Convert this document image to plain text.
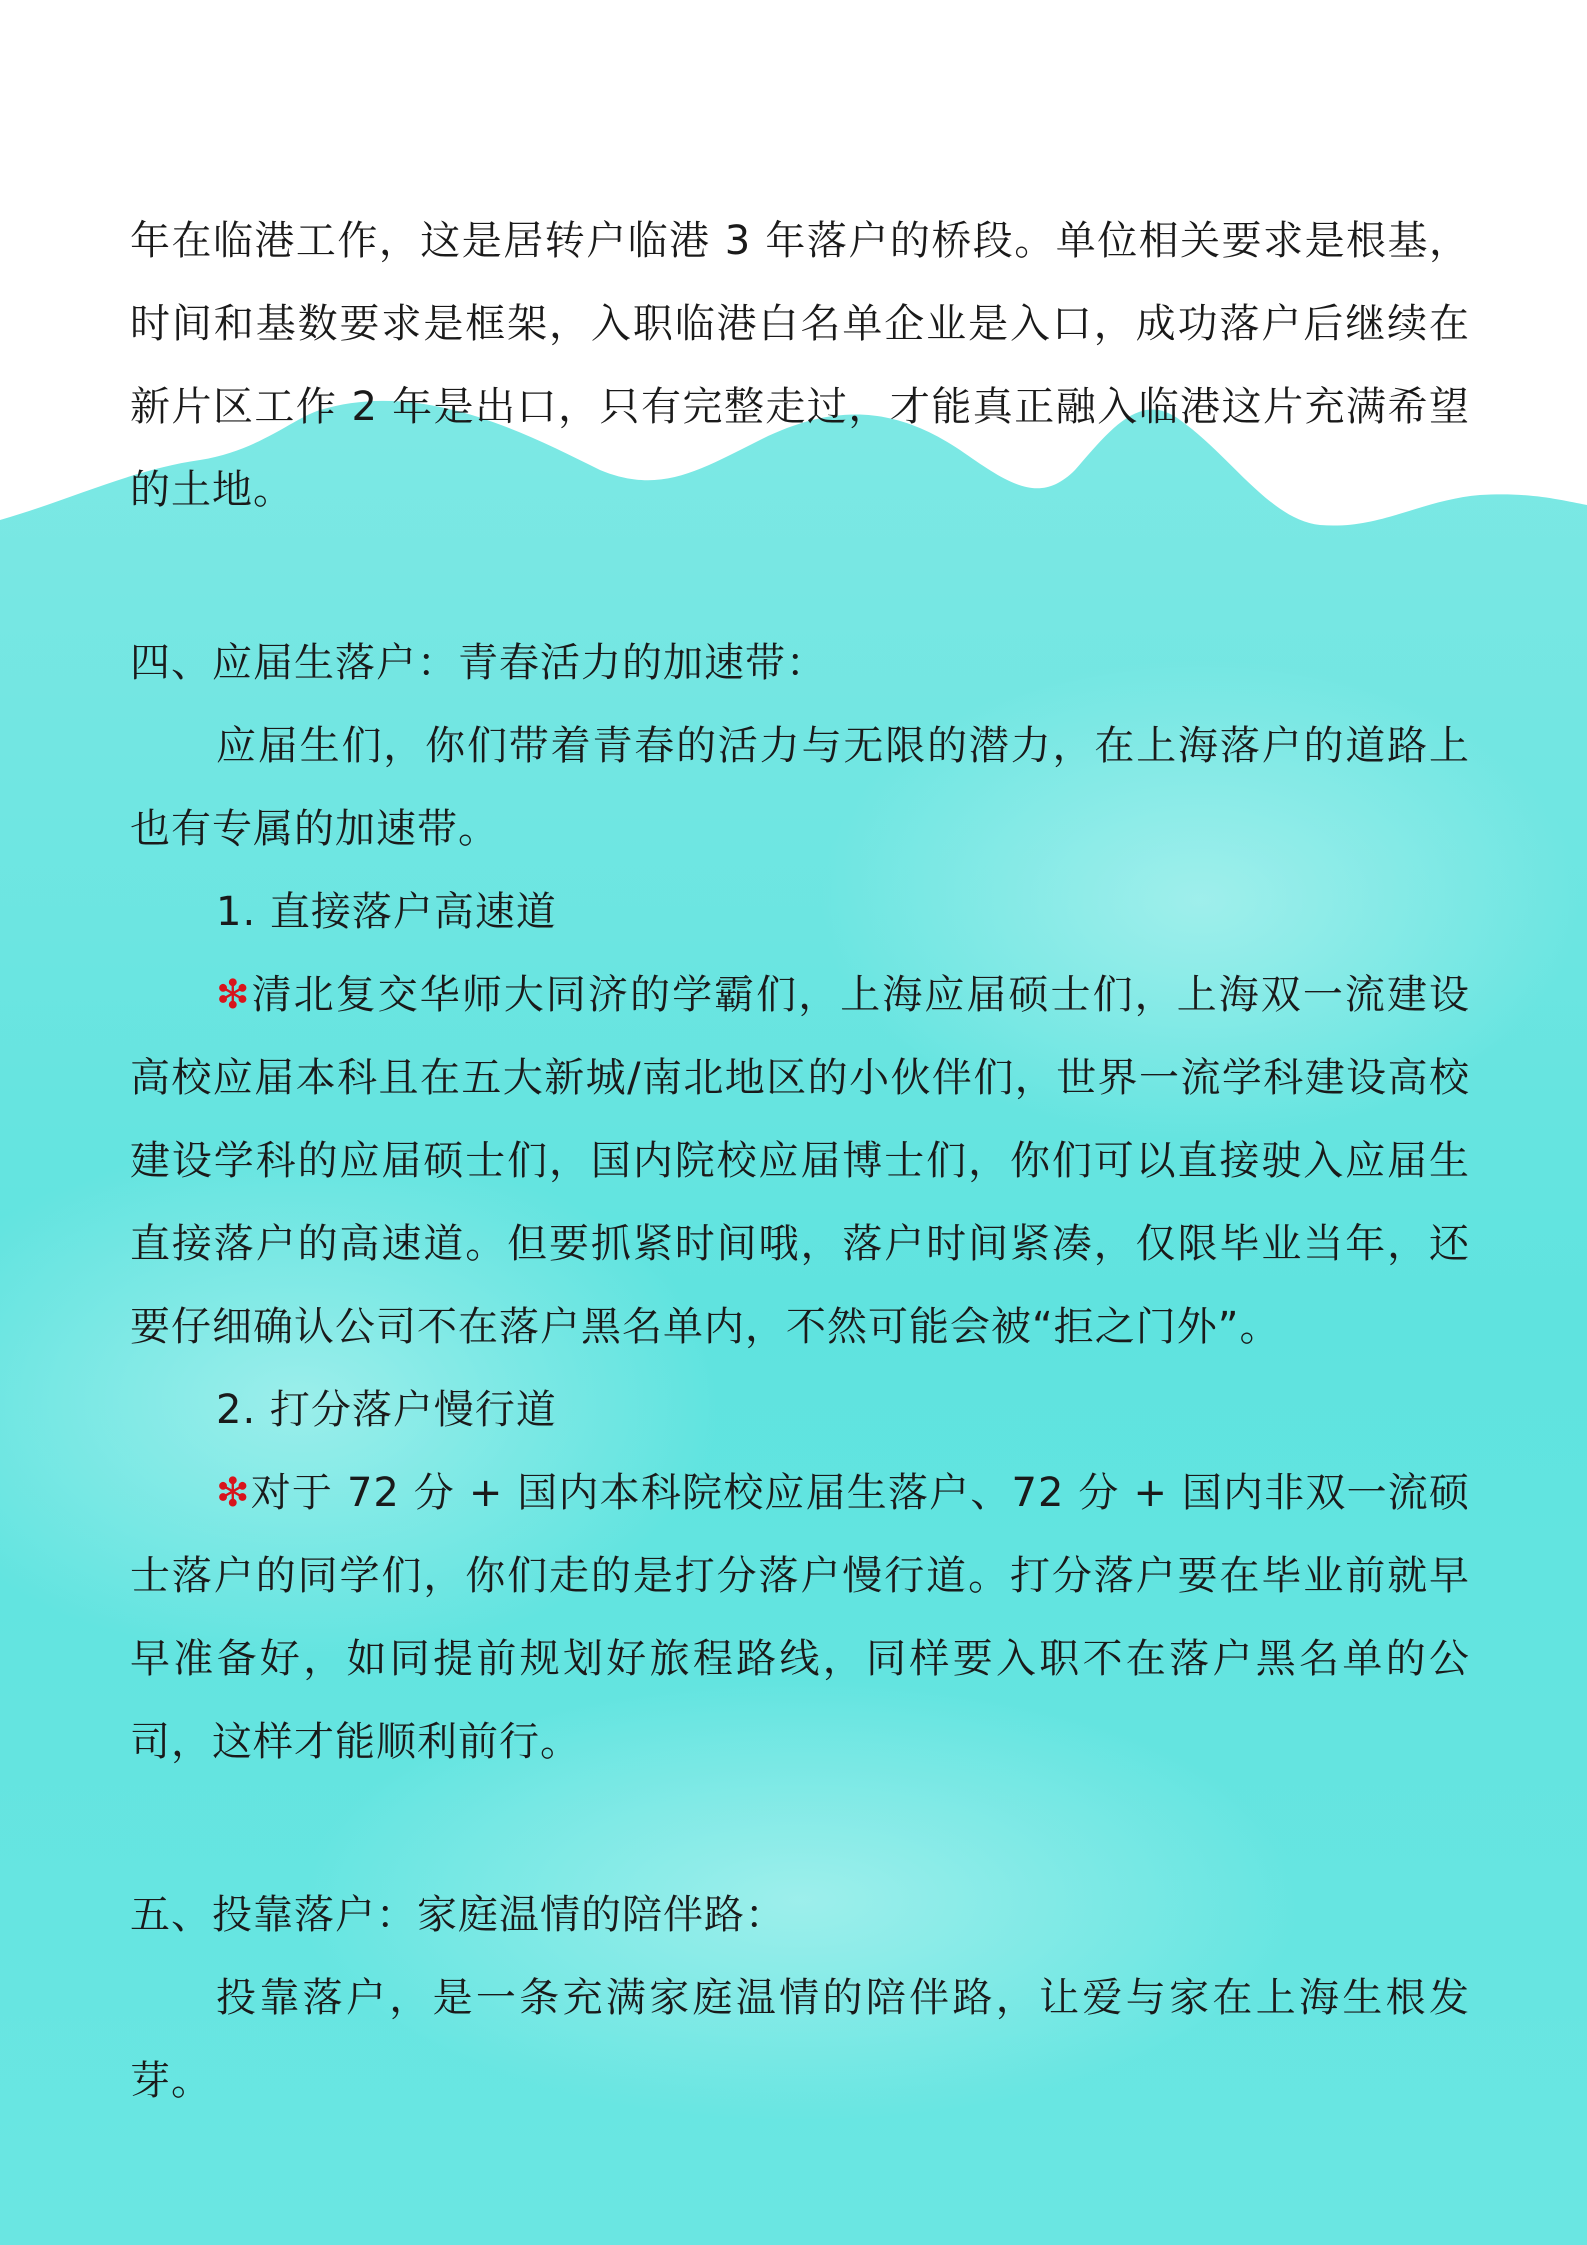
年在临港工作，这是居转户临港 3 年落户的桥段。单位相关要求是根基，时间和基数要求是框架，入职临港白名单企业是入口，成功落户后继续在新片区工作 2 年是出口，只有完整走过，才能真正融入临港这片充满希望的土地。

四、应届生落户：青春活力的加速带：

应届生们，你们带着青春的活力与无限的潜力，在上海落户的道路上也有专属的加速带。

1. 直接落户高速道

❇清北复交华师大同济的学霸们，上海应届硕士们，上海双一流建设高校应届本科且在五大新城/南北地区的小伙伴们，世界一流学科建设高校建设学科的应届硕士们，国内院校应届博士们，你们可以直接驶入应届生直接落户的高速道。但要抓紧时间哦，落户时间紧凑，仅限毕业当年，还要仔细确认公司不在落户黑名单内，不然可能会被“拒之门外”。

2. 打分落户慢行道

❇对于 72 分 + 国内本科院校应届生落户、72 分 + 国内非双一流硕士落户的同学们，你们走的是打分落户慢行道。打分落户要在毕业前就早早准备好，如同提前规划好旅程路线，同样要入职不在落户黑名单的公司，这样才能顺利前行。

五、投靠落户：家庭温情的陪伴路：

投靠落户，是一条充满家庭温情的陪伴路，让爱与家在上海生根发芽。
